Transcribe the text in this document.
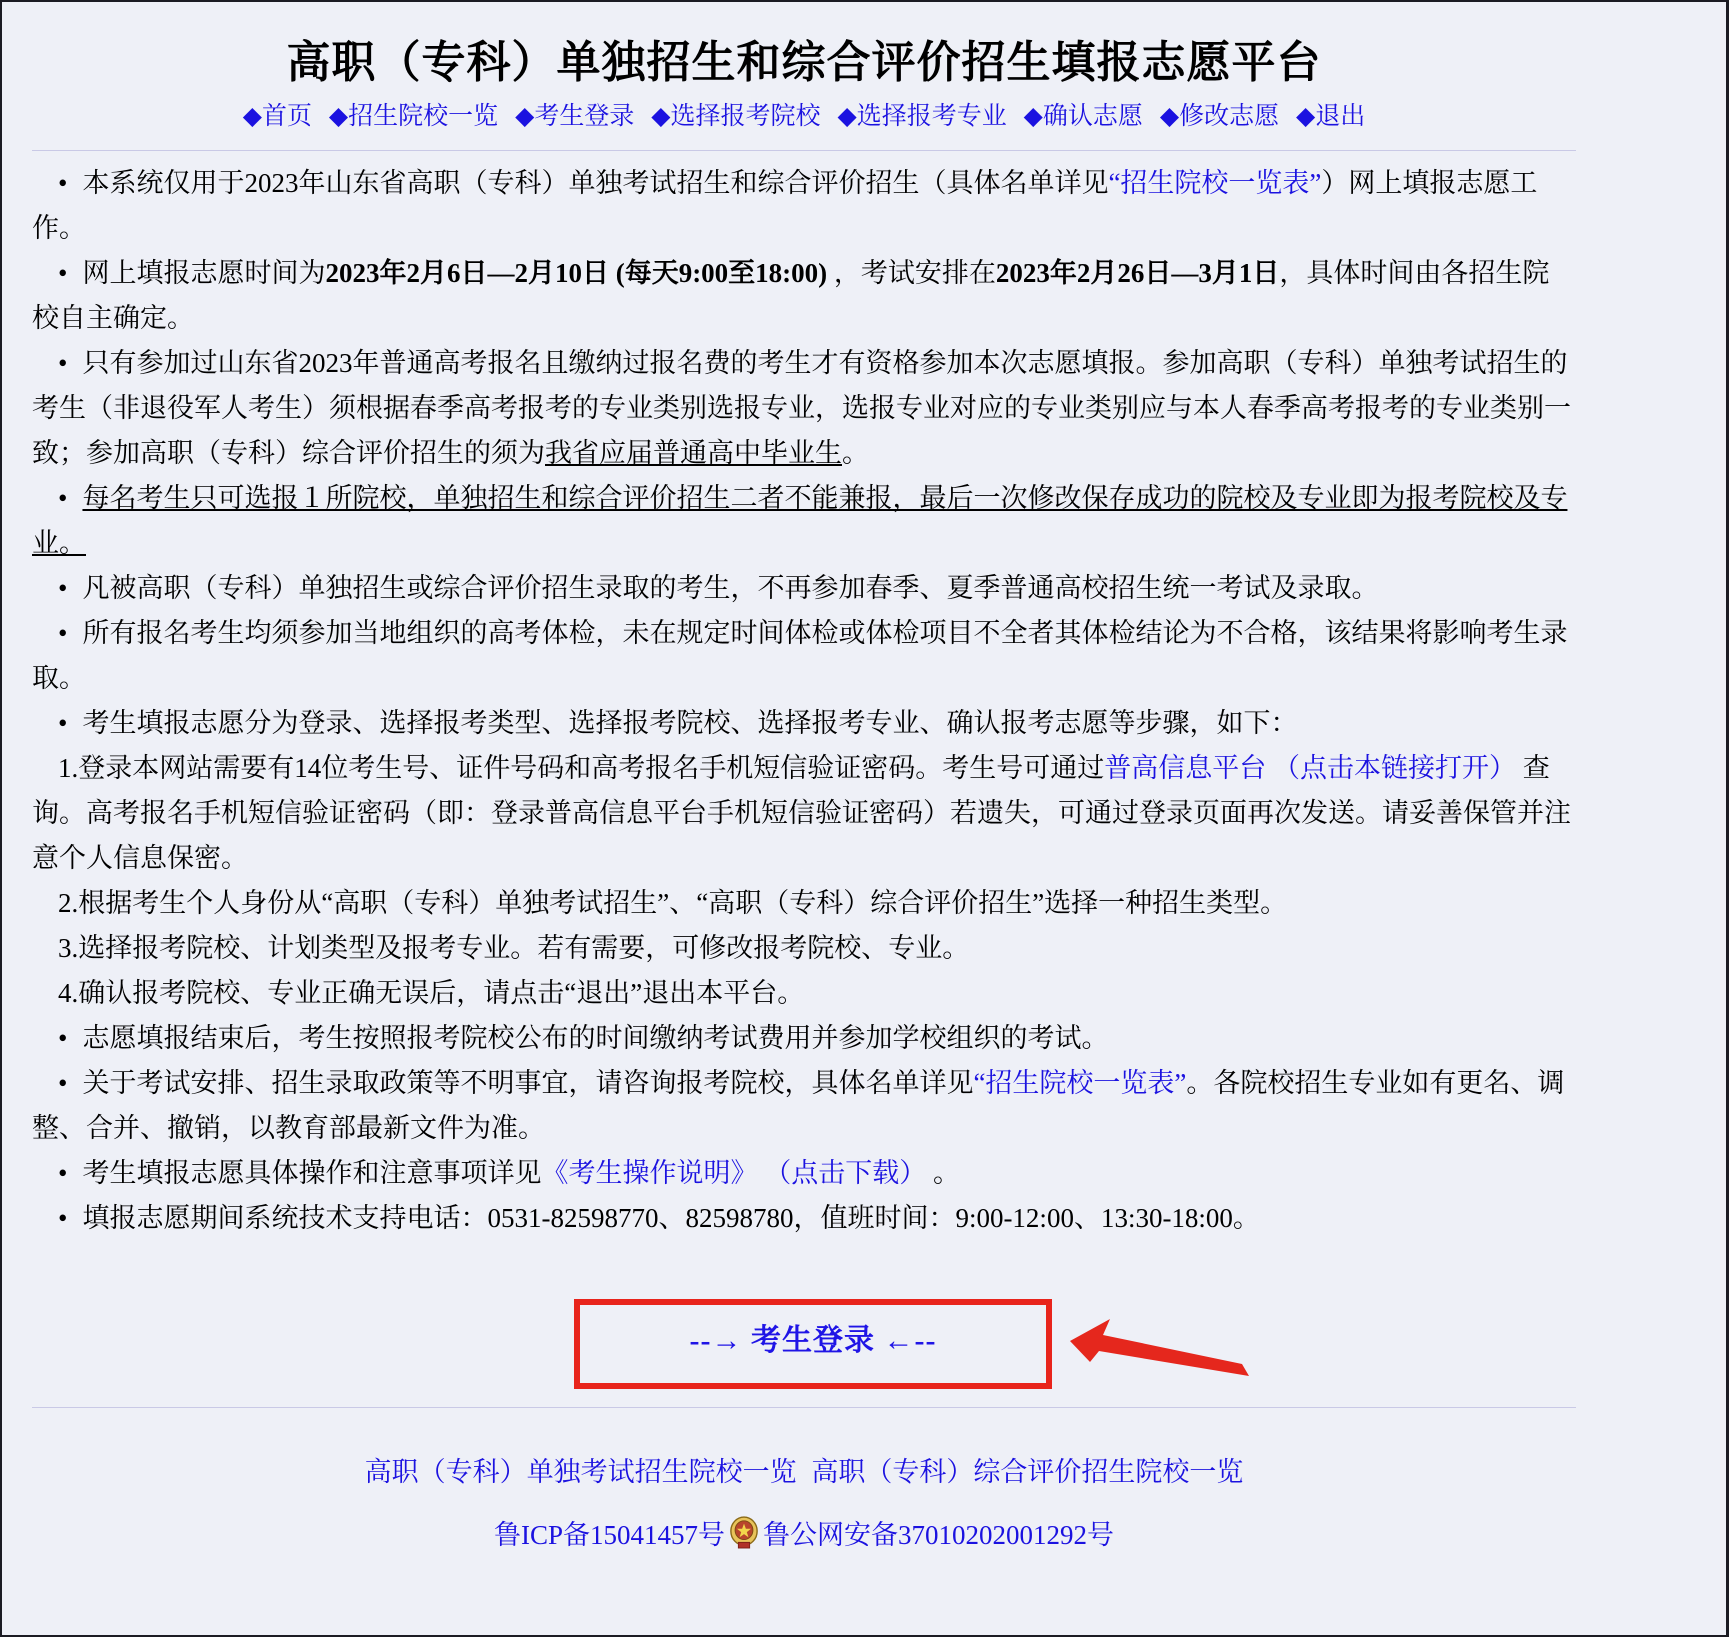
高职（专科）单独招生和综合评价招生填报志愿平台
◆首页 ◆招生院校一览 ◆考生登录 ◆选择报考院校 ◆选择报考专业 ◆确认志愿 ◆修改志愿 ◆退出

• 本系统仅用于2023年山东省高职（专科）单独考试招生和综合评价招生（具体名单详见“招生院校一览表”）网上填报志愿工作。

• 网上填报志愿时间为2023年2月6日—2月10日 (每天9:00至18:00) ，考试安排在2023年2月26日—3月1日，具体时间由各招生院校自主确定。

• 只有参加过山东省2023年普通高考报名且缴纳过报名费的考生才有资格参加本次志愿填报。参加高职（专科）单独考试招生的考生（非退役军人考生）须根据春季高考报考的专业类别选报专业，选报专业对应的专业类别应与本人春季高考报考的专业类别一致；参加高职（专科）综合评价招生的须为我省应届普通高中毕业生。

• 每名考生只可选报１所院校，单独招生和综合评价招生二者不能兼报，最后一次修改保存成功的院校及专业即为报考院校及专业。

• 凡被高职（专科）单独招生或综合评价招生录取的考生，不再参加春季、夏季普通高校招生统一考试及录取。

• 所有报名考生均须参加当地组织的高考体检，未在规定时间体检或体检项目不全者其体检结论为不合格，该结果将影响考生录取。

• 考生填报志愿分为登录、选择报考类型、选择报考院校、选择报考专业、确认报考志愿等步骤，如下：

1.登录本网站需要有14位考生号、证件号码和高考报名手机短信验证密码。考生号可通过普高信息平台 （点击本链接打开） 查询。高考报名手机短信验证密码（即：登录普高信息平台手机短信验证密码）若遗失，可通过登录页面再次发送。请妥善保管并注意个人信息保密。

2.根据考生个人身份从“高职（专科）单独考试招生”、“高职（专科）综合评价招生”选择一种招生类型。

3.选择报考院校、计划类型及报考专业。若有需要，可修改报考院校、专业。

4.确认报考院校、专业正确无误后，请点击“退出”退出本平台。

• 志愿填报结束后，考生按照报考院校公布的时间缴纳考试费用并参加学校组织的考试。

• 关于考试安排、招生录取政策等不明事宜，请咨询报考院校，具体名单详见“招生院校一览表”。各院校招生专业如有更名、调整、合并、撤销，以教育部最新文件为准。

• 考生填报志愿具体操作和注意事项详见《考生操作说明》 （点击下载） 。

• 填报志愿期间系统技术支持电话：0531-82598770、82598780，值班时间：9:00-12:00、13:30-18:00。

--→ 考生登录 ←--
高职（专科）单独考试招生院校一览 高职（专科）综合评价招生院校一览
鲁ICP备15041457号 鲁公网安备37010202001292号
